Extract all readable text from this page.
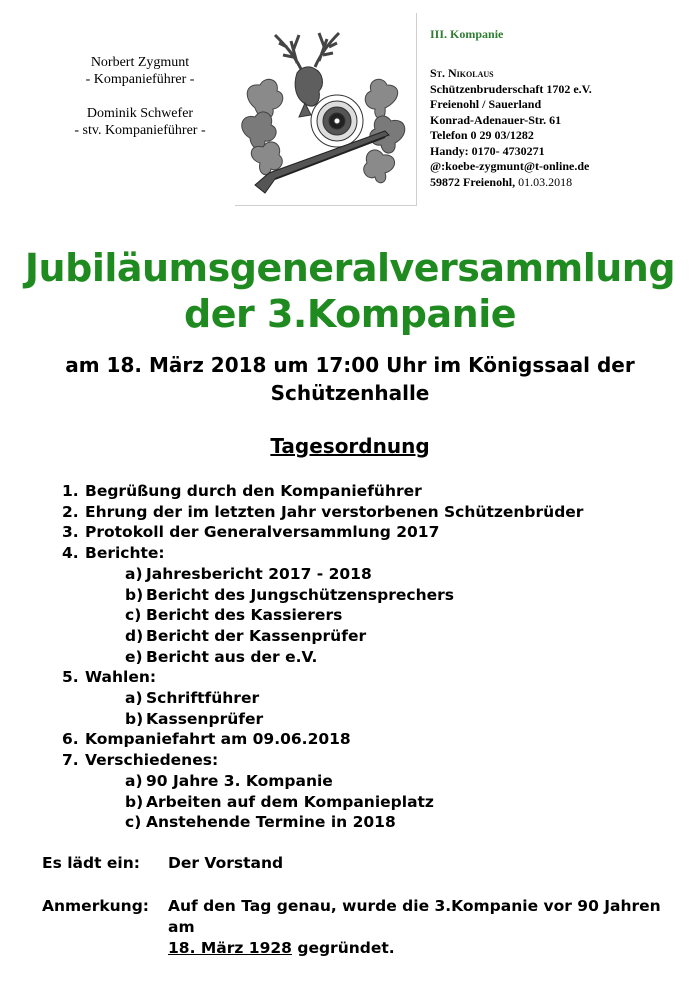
Norbert Zygmunt
- Kompanieführer -
Dominik Schwefer
- stv. Kompanieführer -
III. Kompanie
St. Nikolaus
Schützenbruderschaft 1702 e.V.
Freienohl / Sauerland
Konrad-Adenauer-Str. 61
Telefon 0 29 03/1282
Handy: 0170- 4730271
@:koebe-zygmunt@t-online.de
59872 Freienohl, 01.03.2018
Jubiläumsgeneralversammlung
der 3.Kompanie
am 18. März 2018 um 17:00 Uhr im Königssaal der Schützenhalle
Tagesordnung
1. Begrüßung durch den Kompanieführer
2. Ehrung der im letzten Jahr verstorbenen Schützenbrüder
3. Protokoll der Generalversammlung 2017
4. Berichte:
a) Jahresbericht 2017 - 2018
b) Bericht des Jungschützensprechers
c) Bericht des Kassierers
d) Bericht der Kassenprüfer
e) Bericht aus der e.V.
5. Wahlen:
a) Schriftführer
b) Kassenprüfer
6. Kompaniefahrt am 09.06.2018
7. Verschiedenes:
a) 90 Jahre 3. Kompanie
b) Arbeiten auf dem Kompanieplatz
c) Anstehende Termine in 2018
Es lädt ein: Der Vorstand
Anmerkung: Auf den Tag genau, wurde die 3.Kompanie vor 90 Jahren am
18. März 1928 gegründet.
